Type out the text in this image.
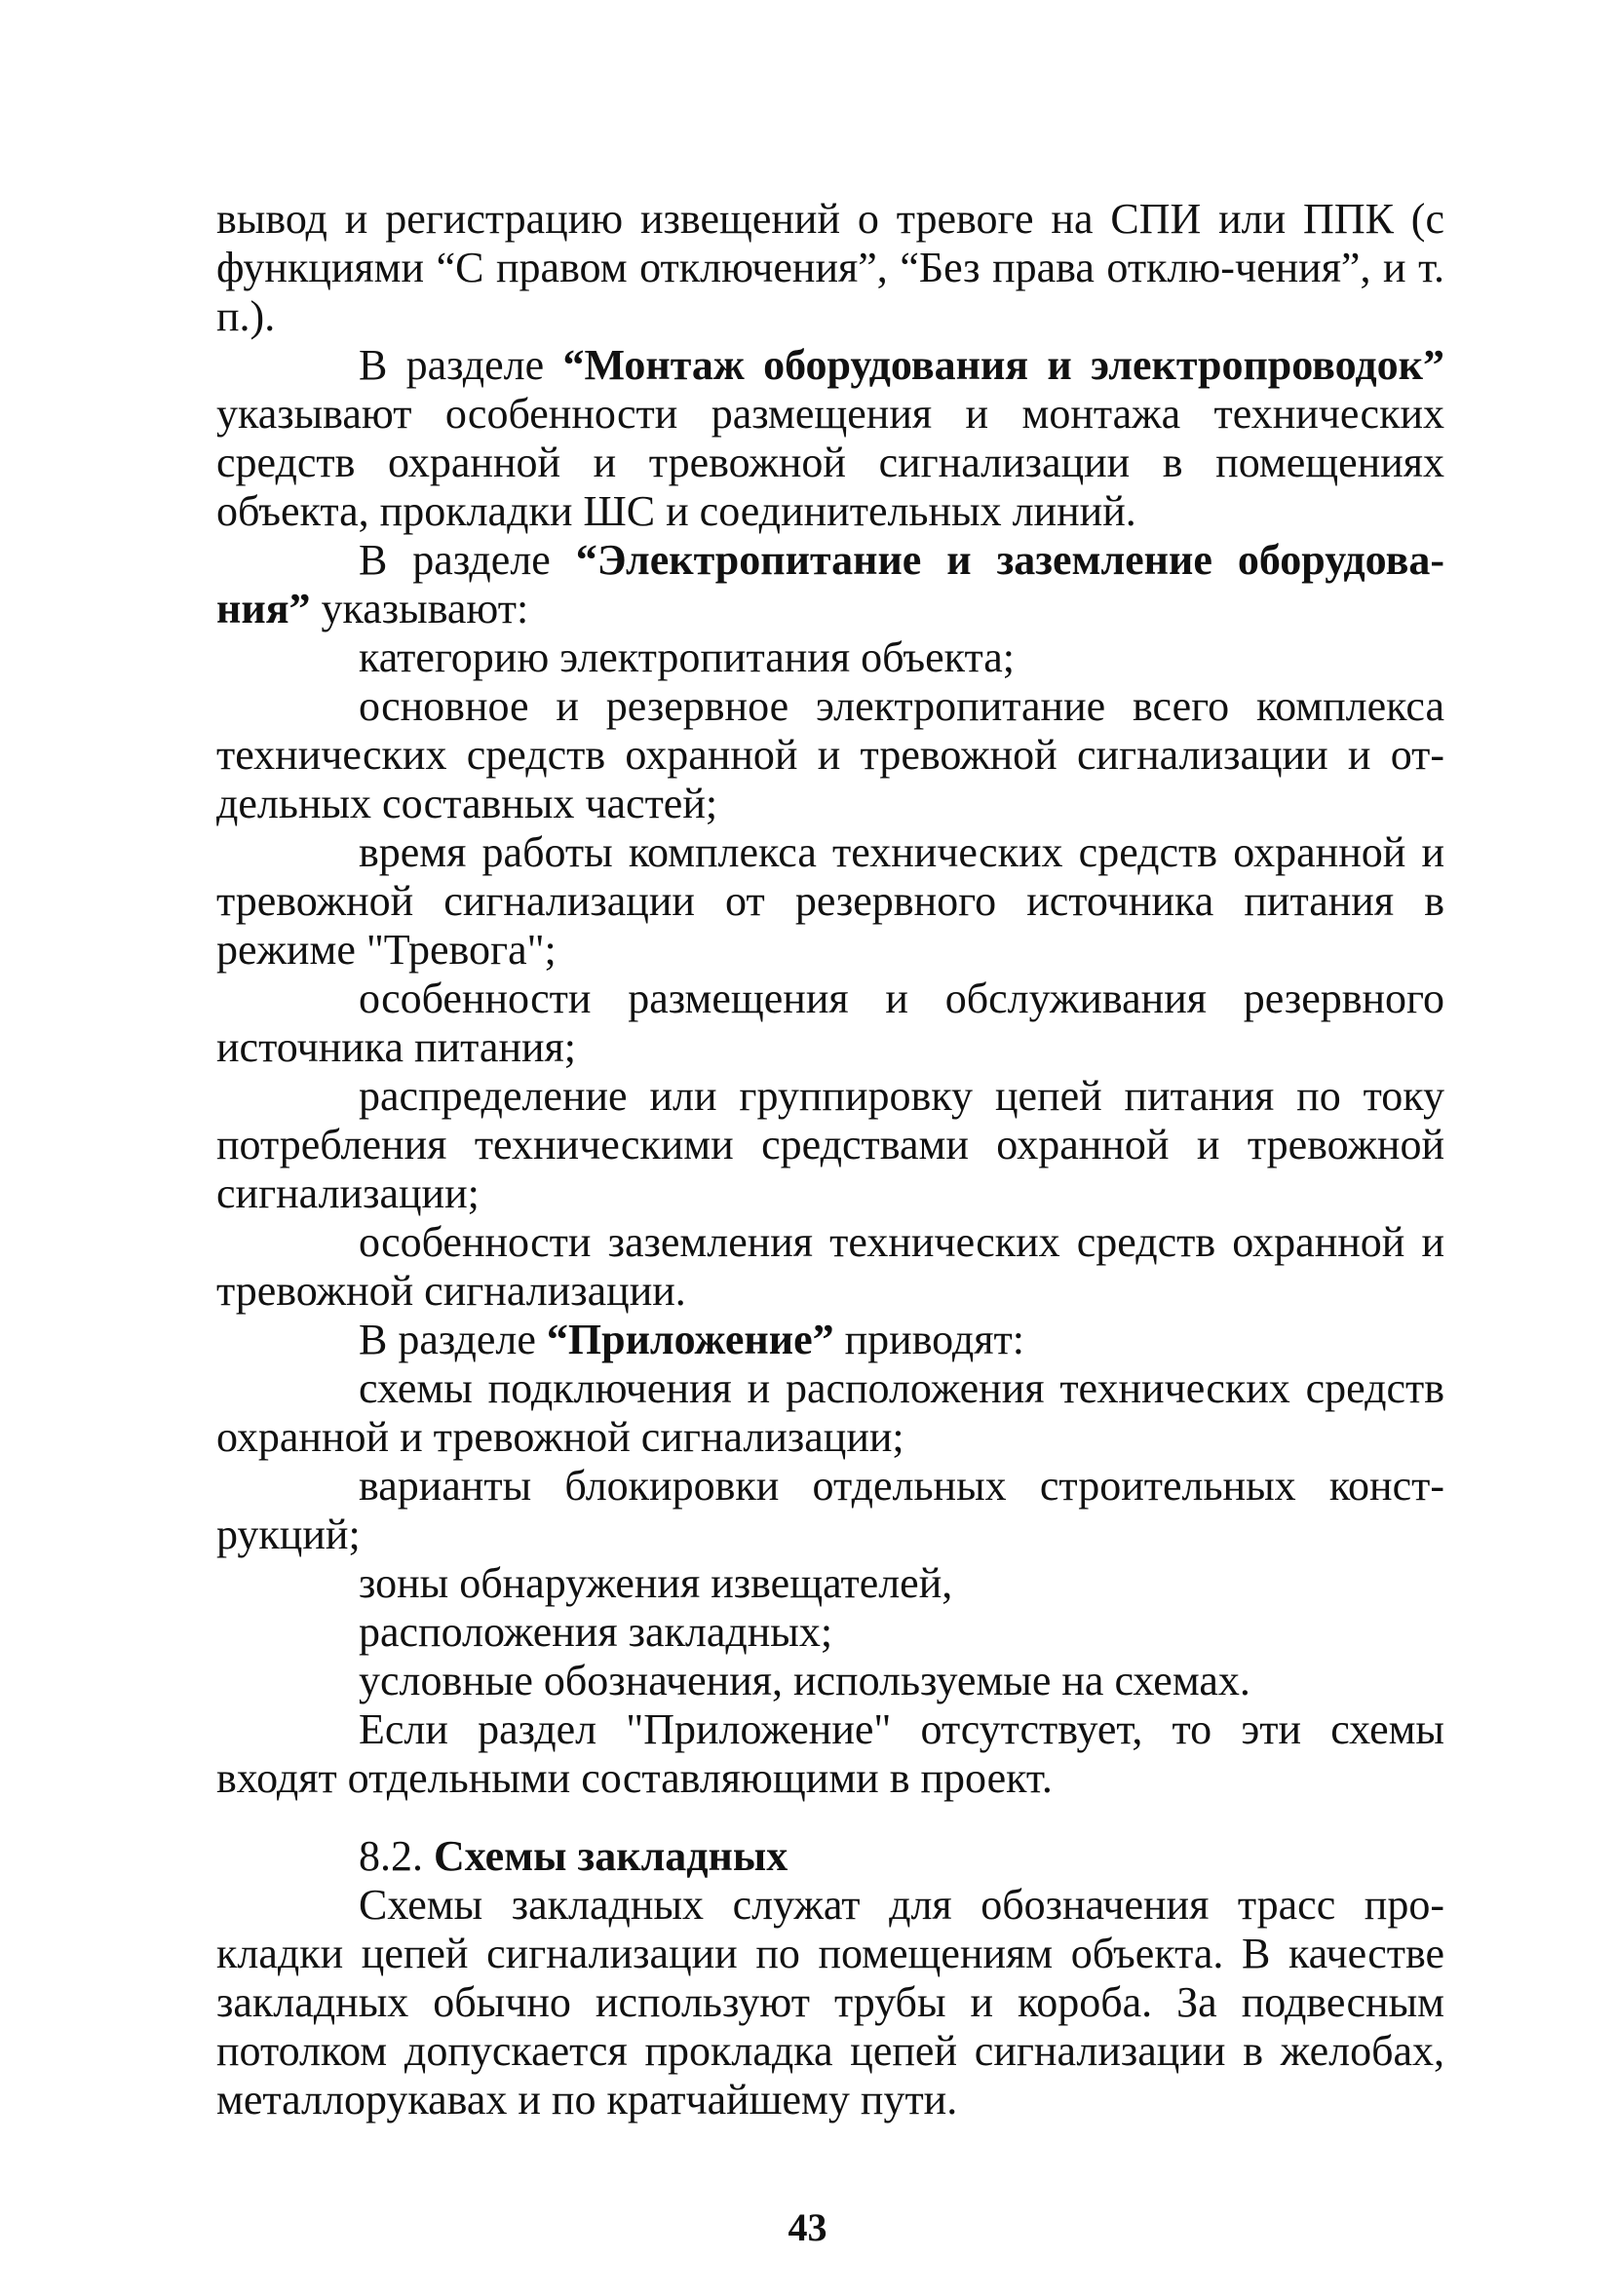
вывод и регистрацию извещений о тревоге на СПИ или ППК (с функциями “С правом отключения”, “Без права отклю-чения”, и т. п.).

В разделе “Монтаж оборудования и электропроводок” указывают особенности размещения и монтажа технических средств охранной и тревожной сигнализации в помещениях объекта, прокладки ШС и соединительных линий.

В разделе “Электропитание и заземление оборудова-ния” указывают:

категорию электропитания объекта;

основное и резервное электропитание всего комплекса технических средств охранной и тревожной сигнализации и от-дельных составных частей;

время работы комплекса технических средств охранной и тревожной сигнализации от резервного источника питания в режиме "Тревога";

особенности размещения и обслуживания резервного источника питания;

распределение или группировку цепей питания по току потребления техническими средствами охранной и тревожной сигнализации;

особенности заземления технических средств охранной и тревожной сигнализации.

В разделе “Приложение” приводят:

схемы подключения и расположения технических средств охранной и тревожной сигнализации;

варианты блокировки отдельных строительных конст-рукций;

зоны обнаружения извещателей,

расположения закладных;

условные обозначения, используемые на схемах.

Если раздел "Приложение" отсутствует, то эти схемы входят отдельными составляющими в проект.

8.2. Схемы закладных

Схемы закладных служат для обозначения трасс про-кладки цепей сигнализации по помещениям объекта. В качестве закладных обычно используют трубы и короба. За подвесным потолком допускается прокладка цепей сигнализации в желобах, металлорукавах и по кратчайшему пути.

43
